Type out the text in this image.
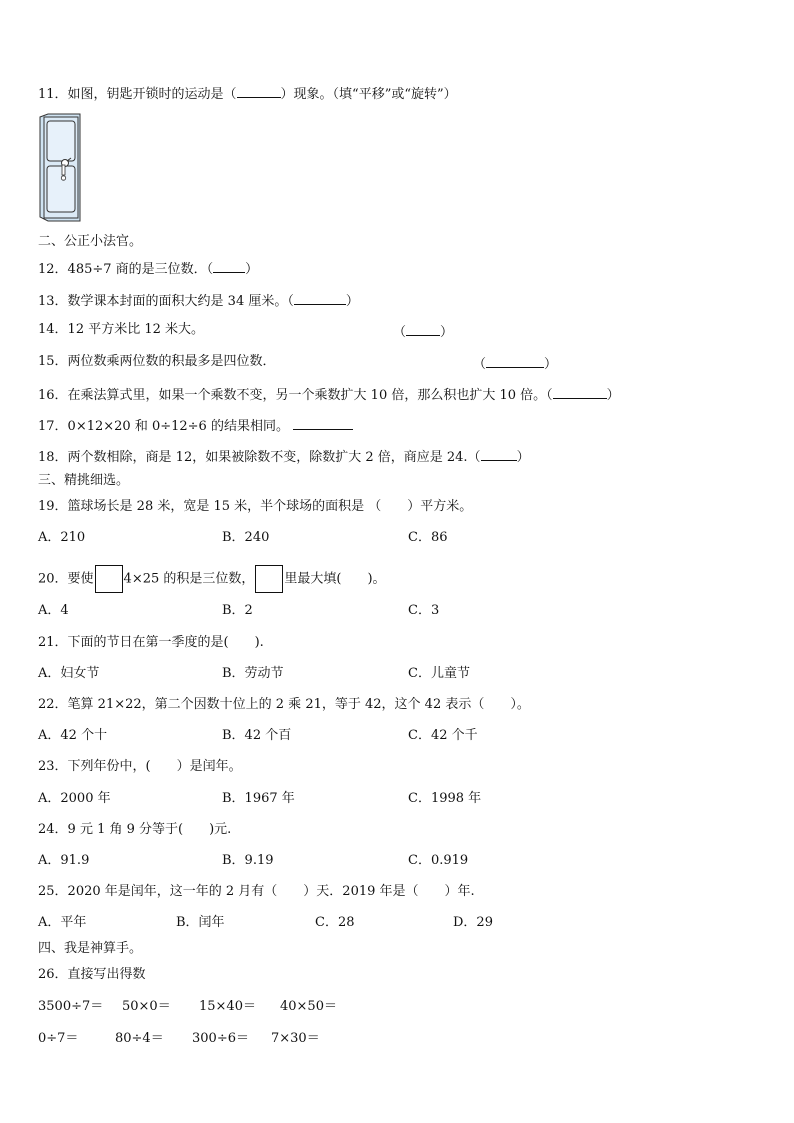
11．如图，钥匙开锁时的运动是（	）现象。（填“平移”或“旋转”）
二、公正小法官。
12．485÷7 商的是三位数．（ ）
13．数学课本封面的面积大约是 34 厘米。（	）
14．12 平方米比 12 米大。	（	）
15．两位数乘两位数的积最多是四位数．	（	）
16．在乘法算式里，如果一个乘数不变，另一个乘数扩大 10 倍，那么积也扩大 10 倍。（	）
17．0×12×20 和 0÷12÷6 的结果相同。
18．两个数相除，商是 12，如果被除数不变，除数扩大 2 倍，商应是 24.（	）
三、精挑细选。
19．篮球场长是 28 米，宽是 15 米，半个球场的面积是 （　　）平方米。
A．210	B．240	C．86
20．要使 4×25 的积是三位数， 里最大填(　　)。
A．4	B．2	C．3
21．下面的节日在第一季度的是(　　).
A．妇女节	B．劳动节	C．儿童节
22．笔算 21×22，第二个因数十位上的 2 乘 21，等于 42，这个 42 表示（　　）。
A．42 个十	B．42 个百	C．42 个千
23．下列年份中，(　　）是闰年。
A．2000 年	B．1967 年	C．1998 年
24．9 元 1 角 9 分等于(　　)元.
A．91.9	B．9.19	C．0.919
25．2020 年是闰年，这一年的 2 月有（　　）天．2019 年是（　　）年.
A．平年	B．闰年	C．28	D．29
四、我是神算手。
26．直接写出得数
3500÷7＝ 50×0＝ 15×40＝ 40×50＝
0÷7＝	80÷4＝ 300÷6＝ 7×30＝
